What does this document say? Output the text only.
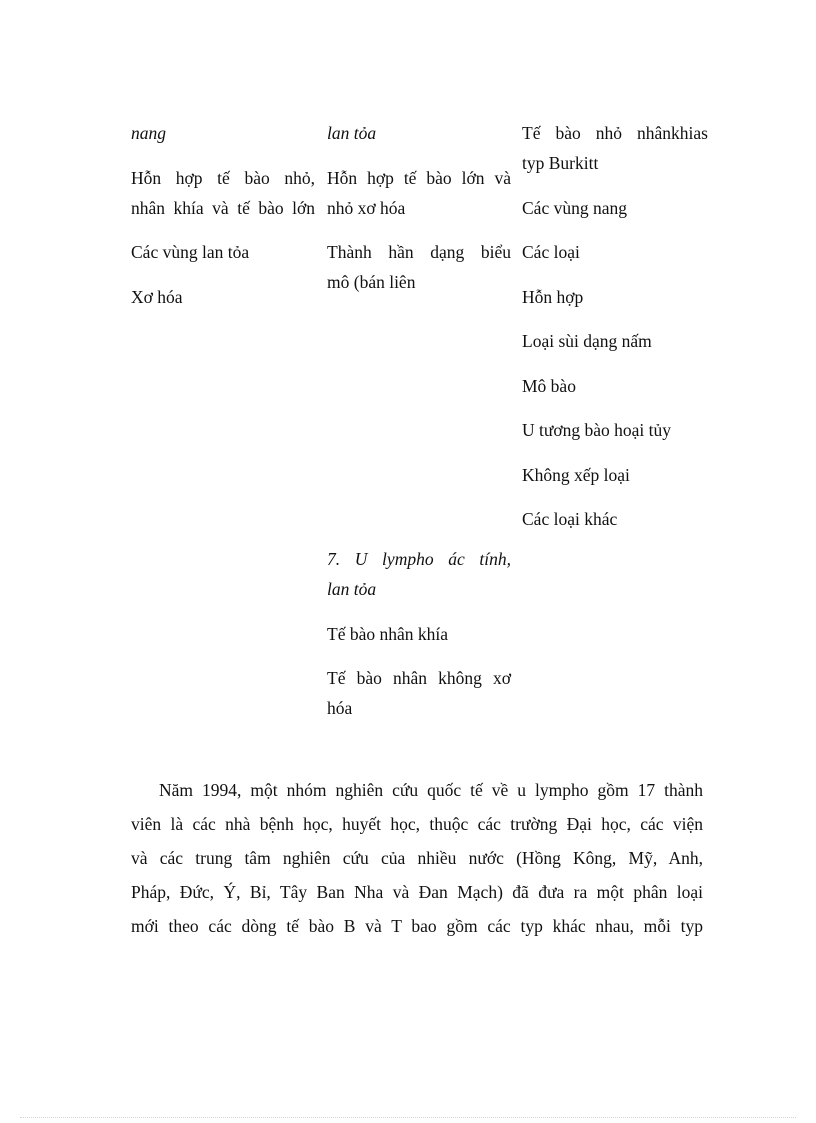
nang
Hỗn hợp tế bào nhỏ,
nhân khía và tế bào lớn
Các vùng lan tỏa
Xơ hóa
lan tỏa
Hỗn hợp tế bào lớn và
nhỏ xơ hóa
Thành hần dạng biểu
mô (bán liên
7. U lympho ác tính,
lan tỏa
Tế bào nhân khía
Tế bào nhân không xơ
hóa
Tế bào nhỏ nhânkhias
typ Burkitt
Các vùng nang
Các loại
Hỗn hợp
Loại sùi dạng nấm
Mô bào
U tương bào hoại tủy
Không xếp loại
Các loại khác
Năm 1994, một nhóm nghiên cứu quốc tế về u lympho gồm 17 thành
viên là các nhà bệnh học, huyết học, thuộc các trường Đại học, các viện
và các trung tâm nghiên cứu của nhiều nước (Hồng Kông, Mỹ, Anh,
Pháp, Đức, Ý, Bỉ, Tây Ban Nha và Đan Mạch) đã đưa ra một phân loại
mới theo các dòng tế bào B và T bao gồm các typ khác nhau, mỗi typ
